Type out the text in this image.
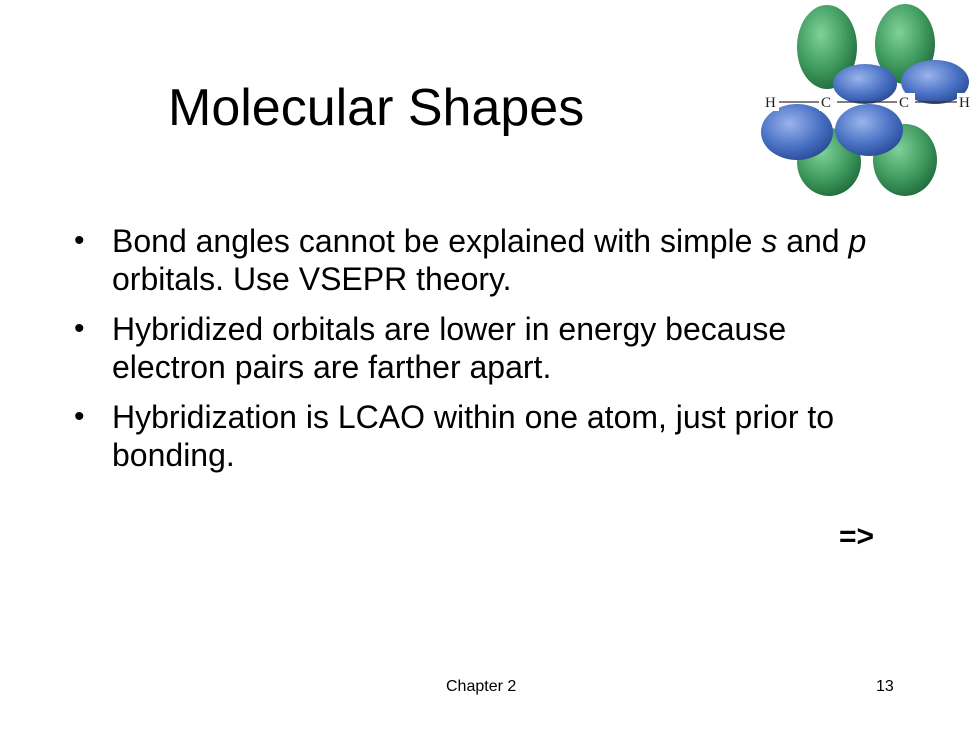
Molecular Shapes	H	C	C	H
• Bond angles cannot be explained with simple s and p orbitals. Use VSEPR theory.
• Hybridized orbitals are lower in energy because electron pairs are farther apart.
• Hybridization is LCAO within one atom, just prior to bonding.
=>
Chapter 2	13
